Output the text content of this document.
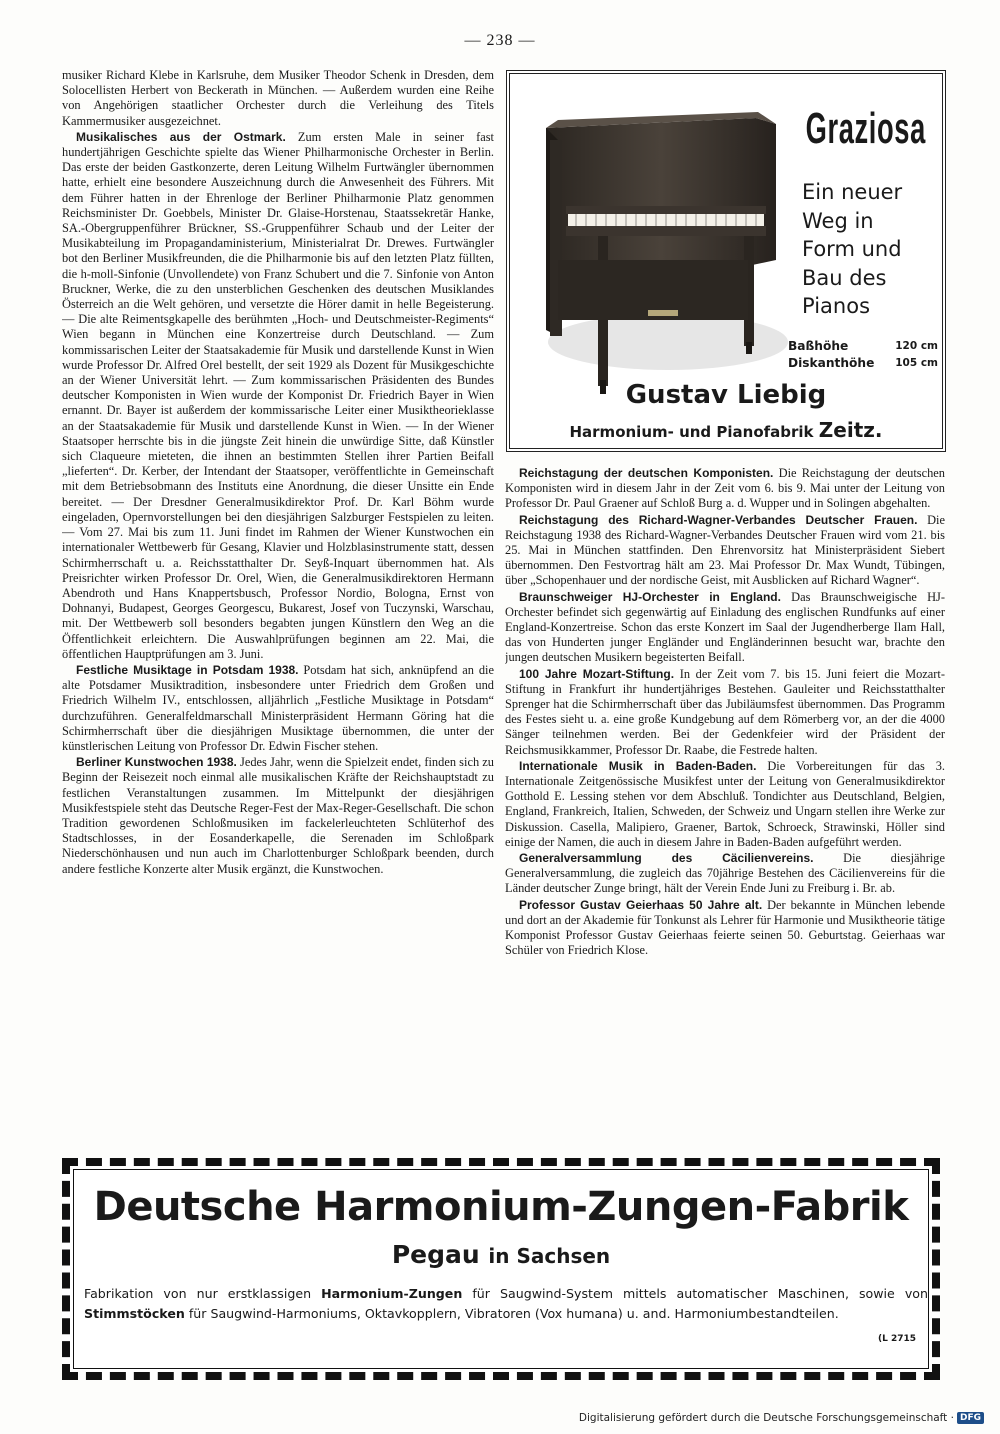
— 238 —

musiker Richard Klebe in Karlsruhe, dem Musiker Theodor Schenk in Dresden, dem Solocellisten Herbert von Beckerath in München. — Außerdem wurden eine Reihe von Angehörigen staatlicher Orchester durch die Verleihung des Titels Kammermusiker ausgezeichnet.

Musikalisches aus der Ostmark. Zum ersten Male in seiner fast hundertjährigen Geschichte spielte das Wiener Philharmonische Orchester in Berlin. Das erste der beiden Gastkonzerte, deren Leitung Wilhelm Furtwängler übernommen hatte, erhielt eine besondere Auszeichnung durch die Anwesenheit des Führers. Mit dem Führer hatten in der Ehrenloge der Berliner Philharmonie Platz genommen Reichsminister Dr. Goebbels, Minister Dr. Glaise-Horstenau, Staatssekretär Hanke, SA.-Obergruppenführer Brückner, SS.-Gruppenführer Schaub und der Leiter der Musikabteilung im Propagandaministerium, Ministerialrat Dr. Drewes. Furtwängler bot den Berliner Musikfreunden, die die Philharmonie bis auf den letzten Platz füllten, die h-moll-Sinfonie (Unvollendete) von Franz Schubert und die 7. Sinfonie von Anton Bruckner, Werke, die zu den unsterblichen Geschenken des deutschen Musiklandes Österreich an die Welt gehören, und versetzte die Hörer damit in helle Begeisterung. — Die alte Reimentsgkapelle des berühmten „Hoch- und Deutschmeister-Regiments“ Wien begann in München eine Konzertreise durch Deutschland. — Zum kommissarischen Leiter der Staatsakademie für Musik und darstellende Kunst in Wien wurde Professor Dr. Alfred Orel bestellt, der seit 1929 als Dozent für Musikgeschichte an der Wiener Universität lehrt. — Zum kommissarischen Präsidenten des Bundes deutscher Komponisten in Wien wurde der Komponist Dr. Friedrich Bayer in Wien ernannt. Dr. Bayer ist außerdem der kommissarische Leiter einer Musiktheorieklasse an der Staatsakademie für Musik und darstellende Kunst in Wien. — In der Wiener Staatsoper herrschte bis in die jüngste Zeit hinein die unwürdige Sitte, daß Künstler sich Claqueure mieteten, die ihnen an bestimmten Stellen ihrer Partien Beifall „lieferten“. Dr. Kerber, der Intendant der Staatsoper, veröffentlichte in Gemeinschaft mit dem Betriebsobmann des Instituts eine Anordnung, die dieser Unsitte ein Ende bereitet. — Der Dresdner Generalmusikdirektor Prof. Dr. Karl Böhm wurde eingeladen, Opernvorstellungen bei den diesjährigen Salzburger Festspielen zu leiten. — Vom 27. Mai bis zum 11. Juni findet im Rahmen der Wiener Kunstwochen ein internationaler Wettbewerb für Gesang, Klavier und Holzblasinstrumente statt, dessen Schirmherrschaft u. a. Reichsstatthalter Dr. Seyß-Inquart übernommen hat. Als Preisrichter wirken Professor Dr. Orel, Wien, die Generalmusikdirektoren Hermann Abendroth und Hans Knappertsbusch, Professor Nordio, Bologna, Ernst von Dohnanyi, Budapest, Georges Georgescu, Bukarest, Josef von Tuczynski, Warschau, mit. Der Wettbewerb soll besonders begabten jungen Künstlern den Weg an die Öffentlichkeit erleichtern. Die Auswahlprüfungen beginnen am 22. Mai, die öffentlichen Hauptprüfungen am 3. Juni.

Festliche Musiktage in Potsdam 1938. Potsdam hat sich, anknüpfend an die alte Potsdamer Musiktradition, insbesondere unter Friedrich dem Großen und Friedrich Wilhelm IV., entschlossen, alljährlich „Festliche Musiktage in Potsdam“ durchzuführen. Generalfeldmarschall Ministerpräsident Hermann Göring hat die Schirmherrschaft über die diesjährigen Musiktage übernommen, die unter der künstlerischen Leitung von Professor Dr. Edwin Fischer stehen.

Berliner Kunstwochen 1938. Jedes Jahr, wenn die Spielzeit endet, finden sich zu Beginn der Reisezeit noch einmal alle musikalischen Kräfte der Reichshauptstadt zu festlichen Veranstaltungen zusammen. Im Mittelpunkt der diesjährigen Musikfestspiele steht das Deutsche Reger-Fest der Max-Reger-Gesellschaft. Die schon Tradition gewordenen Schloßmusiken im fackelerleuchteten Schlüterhof des Stadtschlosses, in der Eosanderkapelle, die Serenaden im Schloßpark Niederschönhausen und nun auch im Charlottenburger Schloßpark beenden, durch andere festliche Konzerte alter Musik ergänzt, die Kunstwochen.

Graziosa
Ein neuer
Weg in
Form und
Bau des
Pianos
Baßhöhe	120 cm
Diskanthöhe 105 cm
Gustav Liebig
Harmonium- und Pianofabrik Zeitz.

Reichstagung der deutschen Komponisten. Die Reichstagung der deutschen Komponisten wird in diesem Jahr in der Zeit vom 6. bis 9. Mai unter der Leitung von Professor Dr. Paul Graener auf Schloß Burg a. d. Wupper und in Solingen abgehalten.

Reichstagung des Richard-Wagner-Verbandes Deutscher Frauen. Die Reichstagung 1938 des Richard-Wagner-Verbandes Deutscher Frauen wird vom 21. bis 25. Mai in München stattfinden. Den Ehrenvorsitz hat Ministerpräsident Siebert übernommen. Den Festvortrag hält am 23. Mai Professor Dr. Max Wundt, Tübingen, über „Schopenhauer und der nordische Geist, mit Ausblicken auf Richard Wagner“.

Braunschweiger HJ-Orchester in England. Das Braunschweigische HJ-Orchester befindet sich gegenwärtig auf Einladung des englischen Rundfunks auf einer England-Konzertreise. Schon das erste Konzert im Saal der Jugendherberge Ilam Hall, das von Hunderten junger Engländer und Engländerinnen besucht war, brachte den jungen deutschen Musikern begeisterten Beifall.

100 Jahre Mozart-Stiftung. In der Zeit vom 7. bis 15. Juni feiert die Mozart-Stiftung in Frankfurt ihr hundertjähriges Bestehen. Gauleiter und Reichsstatthalter Sprenger hat die Schirmherrschaft über das Jubiläumsfest übernommen. Das Programm des Festes sieht u. a. eine große Kundgebung auf dem Römerberg vor, an der die 4000 Sänger teilnehmen werden. Bei der Gedenkfeier wird der Präsident der Reichsmusikkammer, Professor Dr. Raabe, die Festrede halten.

Internationale Musik in Baden-Baden. Die Vorbereitungen für das 3. Internationale Zeitgenössische Musikfest unter der Leitung von Generalmusikdirektor Gotthold E. Lessing stehen vor dem Abschluß. Tondichter aus Deutschland, Belgien, England, Frankreich, Italien, Schweden, der Schweiz und Ungarn stellen ihre Werke zur Diskussion. Casella, Malipiero, Graener, Bartok, Schroeck, Strawinski, Höller sind einige der Namen, die auch in diesem Jahre in Baden-Baden aufgeführt werden.

Generalversammlung des Cäcilienvereins. Die diesjährige Generalversammlung, die zugleich das 70jährige Bestehen des Cäcilienvereins für die Länder deutscher Zunge bringt, hält der Verein Ende Juni zu Freiburg i. Br. ab.

Professor Gustav Geierhaas 50 Jahre alt. Der bekannte in München lebende und dort an der Akademie für Tonkunst als Lehrer für Harmonie und Musiktheorie tätige Komponist Professor Gustav Geierhaas feierte seinen 50. Geburtstag. Geierhaas war Schüler von Friedrich Klose.

Deutsche Harmonium-Zungen-Fabrik
Pegau in Sachsen
Fabrikation von nur erstklassigen Harmonium-Zungen für Saugwind-System mittels automatischer Maschinen, sowie von Stimmstöcken für Saugwind-Harmoniums, Oktavkopplern, Vibratoren (Vox humana) u. and. Harmoniumbestandteilen.
(L 2715
Digitalisierung gefördert durch die Deutsche Forschungsgemeinschaft · DFG
